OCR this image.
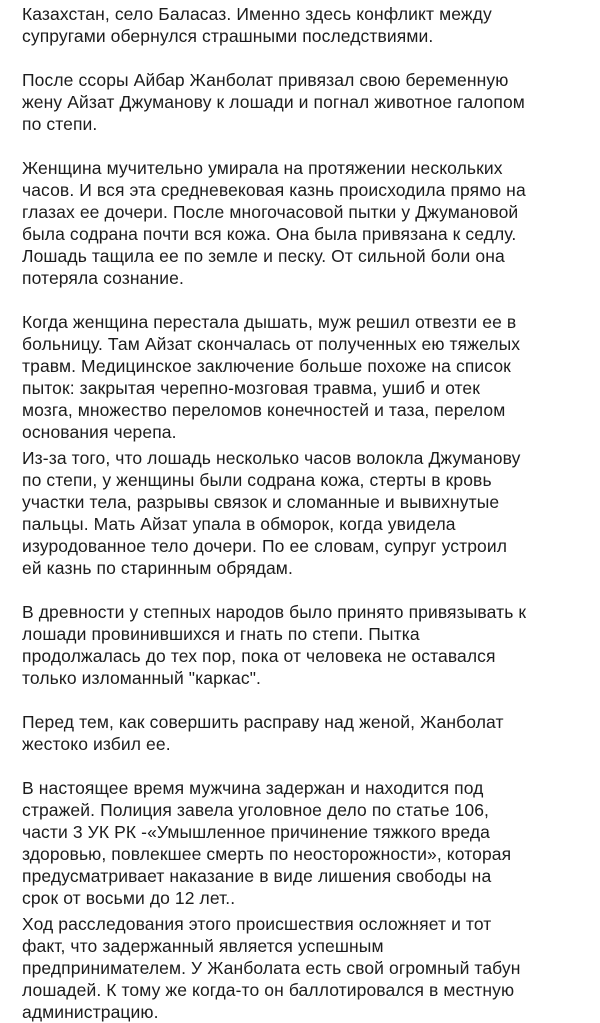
Казахстан, село Баласаз. Именно здесь конфликт между
супругами обернулся страшными последствиями.

После ссоры Айбар Жанболат привязал свою беременную
жену Айзат Джуманову к лошади и погнал животное галопом
по степи.

Женщина мучительно умирала на протяжении нескольких
часов. И вся эта средневековая казнь происходила прямо на
глазах ее дочери. После многочасовой пытки у Джумановой
была содрана почти вся кожа. Она была привязана к седлу.
Лошадь тащила ее по земле и песку. От сильной боли она
потеряла сознание.

Когда женщина перестала дышать, муж решил отвезти ее в
больницу. Там Айзат скончалась от полученных ею тяжелых
травм. Медицинское заключение больше похоже на список
пыток: закрытая черепно-мозговая травма, ушиб и отек
мозга, множество переломов конечностей и таза, перелом
основания черепа.

Из-за того, что лошадь несколько часов волокла Джуманову
по степи, у женщины были содрана кожа, стерты в кровь
участки тела, разрывы связок и сломанные и вывихнутые
пальцы. Мать Айзат упала в обморок, когда увидела
изуродованное тело дочери. По ее словам, супруг устроил
ей казнь по старинным обрядам.

В древности у степных народов было принято привязывать к
лошади провинившихся и гнать по степи. Пытка
продолжалась до тех пор, пока от человека не оставался
только изломанный "каркас".

Перед тем, как совершить расправу над женой, Жанболат
жестоко избил ее.

В настоящее время мужчина задержан и находится под
стражей. Полиция завела уголовное дело по статье 106,
части 3 УК РК -«Умышленное причинение тяжкого вреда
здоровью, повлекшее смерть по неосторожности», которая
предусматривает наказание в виде лишения свободы на
срок от восьми до 12 лет..

Ход расследования этого происшествия осложняет и тот
факт, что задержанный является успешным
предпринимателем. У Жанболата есть свой огромный табун
лошадей. К тому же когда-то он баллотировался в местную
администрацию.
